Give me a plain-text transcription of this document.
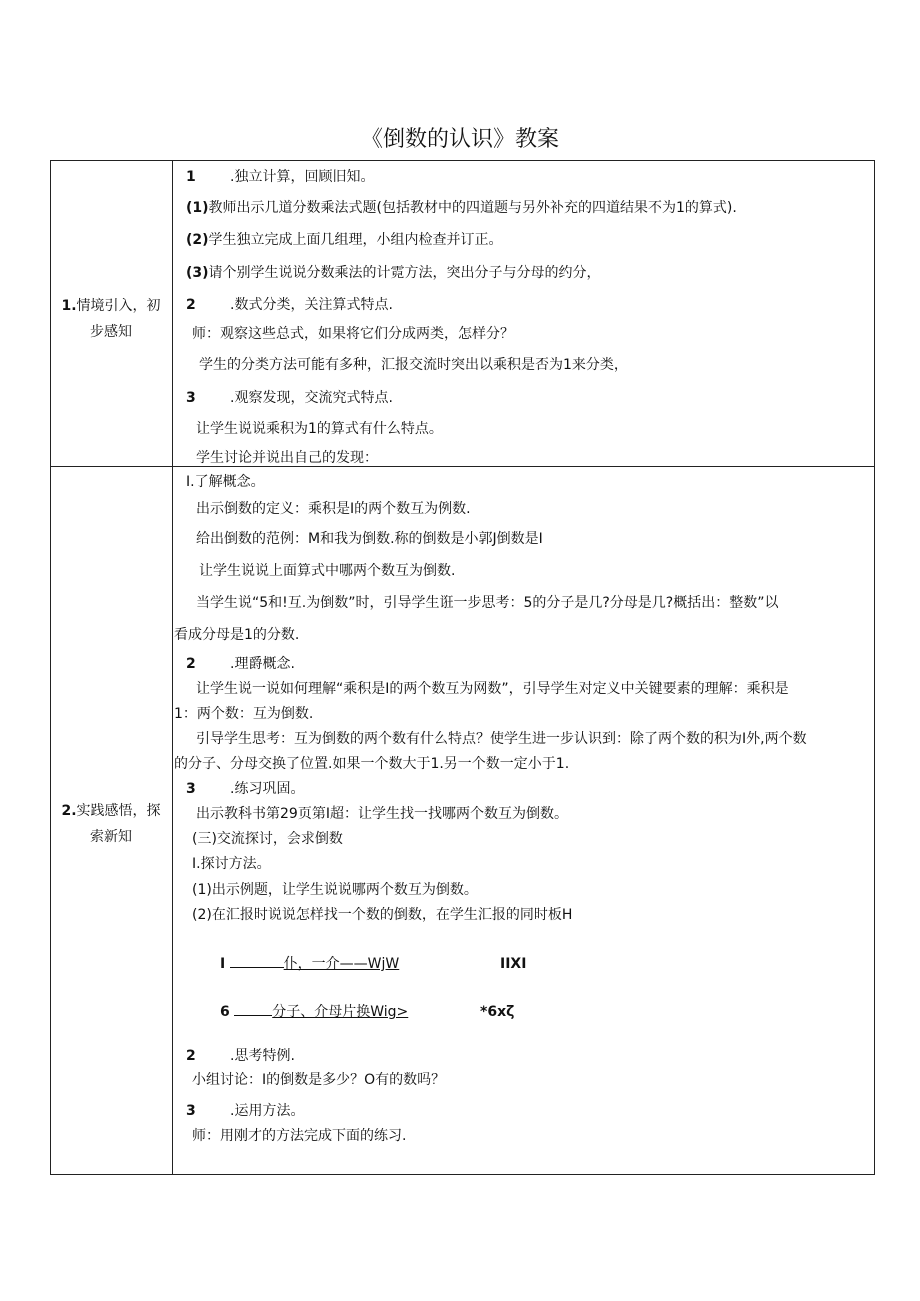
《倒数的认识》教案
1.情境引入，初
步感知
1 .独立计算，回顾旧知。
(1)教师出示几道分数乘法式题(包括教材中的四道题与另外补充的四道结果不为1的算式).
(2)学生独立完成上面几组理，小组内检查并订正。
(3)请个别学生说说分数乘法的计霓方法，突出分子与分母的约分，
2 .数式分类，关注算式特点.
师：观察这些总式，如果将它们分成两类，怎样分？
学生的分类方法可能有多种，汇报交流时突出以乘积是否为1来分类，
3 .观察发现，交流究式特点.
让学生说说乘积为1的算式有什么特点。
学生讨论并说出自己的发现：
2.实践感悟，探
索新知
I.了解概念。
出示倒数的定义：乘积是I的两个数互为例数.
给出倒数的范例：M和我为倒数.称的倒数是小郭J倒数是I
让学生说说上面算式中哪两个数互为倒数.
当学生说“5和!互.为倒数”时，引导学生诳一步思考：5的分子是几?分母是几?概括出：整数”以
看成分母是1的分数.
2 .理爵概念.
让学生说一说如何理解“乘积是I的两个数互为网数”，引导学生对定义中关键要素的理解：乘积是
1：两个数：互为倒数.
引导学生思考：互为倒数的两个数有什么特点？使学生进一步认识到：除了两个数的积为I外,两个数
的分子、分母交换了位置.如果一个数大于1.另一个数一定小于1.
3 .练习巩固。
出示教科书第29页第I超：让学生找一找哪两个数互为倒数。
(三)交流探讨，会求倒数
I.探讨方法。
(1)出示例题，让学生说说哪两个数互为倒数。
(2)在汇报时说说怎样找一个数的倒数，在学生汇报的同时板H
I	仆，一介——WjW	IIXI
6	分子、介母片换Wig>	*6xζ
2 .思考特例.
小组讨论：I的倒数是多少？O有的数吗？
3 .运用方法。
师：用刚才的方法完成下面的练习.
